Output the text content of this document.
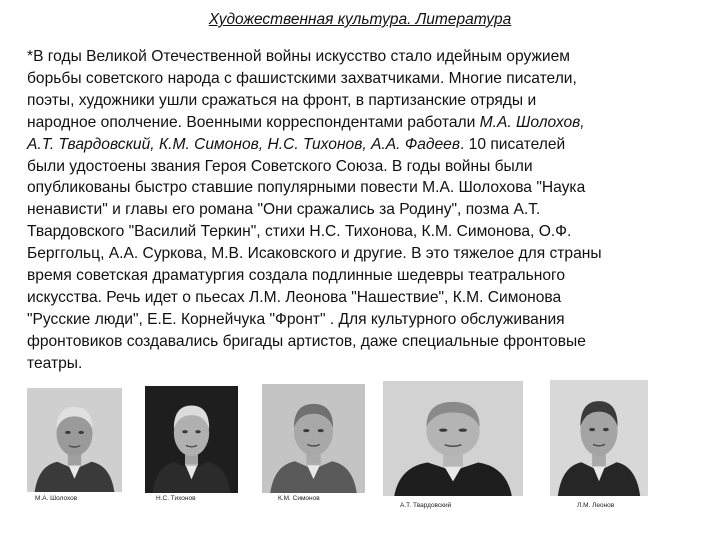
Художественная культура. Литература
*В годы Великой Отечественной войны искусство стало идейным оружием
борьбы советского народа с фашистскими захватчиками. Многие писатели,
поэты, художники ушли сражаться на фронт, в партизанские отряды и
народное ополчение. Военными корреспондентами работали М.А. Шолохов,
А.Т. Твардовский, К.М. Симонов, Н.С. Тихонов, А.А. Фадеев. 10 писателей
были удостоены звания Героя Советского Союза. В годы войны были
опубликованы быстро ставшие популярными повести М.А. Шолохова "Наука
ненависти" и главы его романа "Они сражались за Родину", позма А.Т.
Твардовского "Василий Теркин", стихи Н.С. Тихонова, К.М. Симонова, О.Ф.
Берггольц, А.А. Суркова, М.В. Исаковского и другие. В это тяжелое для страны
время советская драматургия создала подлинные шедевры театрального
искусства. Речь идет о пьесах Л.М. Леонова "Нашествие", К.М. Симонова
"Русские люди", Е.Е. Корнейчука "Фронт" . Для культурного обслуживания
фронтовиков создавались бригады артистов, даже специальные фронтовые
театры.
М.А. Шолохов	Н.С. Тихонов	К.М. Симонов
А.Т. Твардовский	Л.М. Леонов
